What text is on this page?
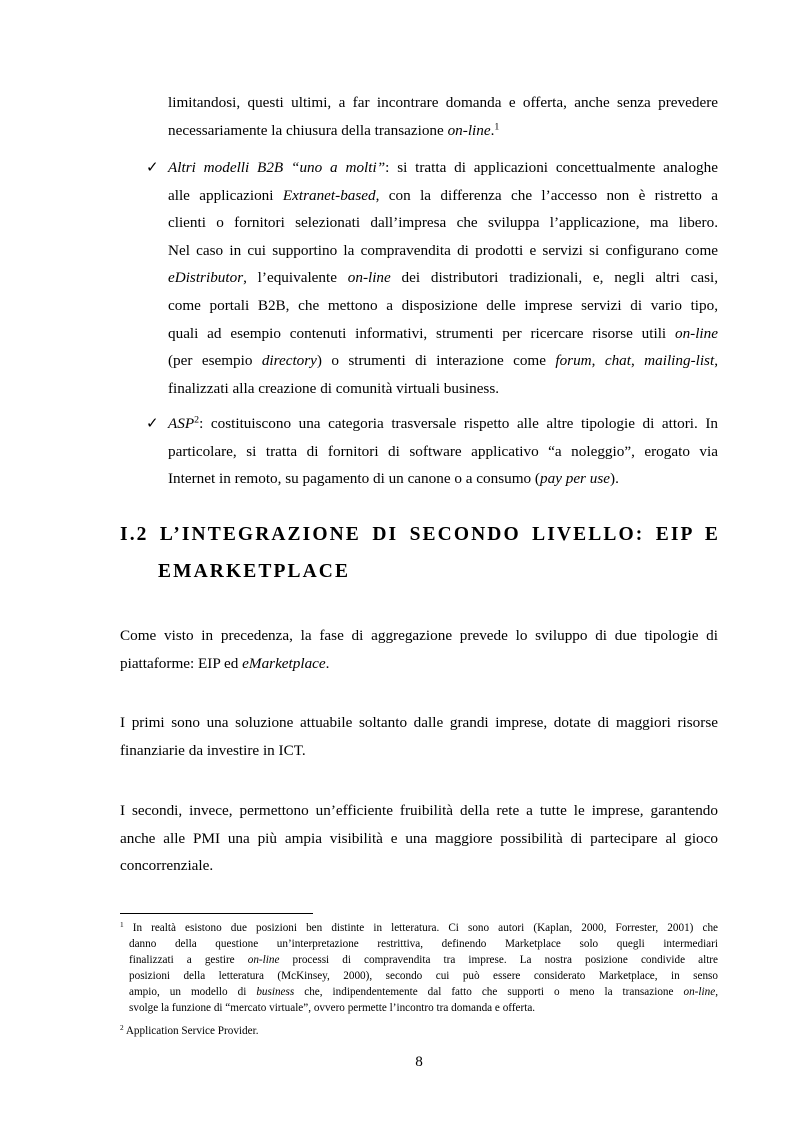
limitandosi, questi ultimi, a far incontrare domanda e offerta, anche senza prevedere
necessariamente la chiusura della transazione on-line.$^1$
✓ Altri modelli B2B “uno a molti”: si tratta di applicazioni concettualmente analoghe
alle applicazioni Extranet-based, con la differenza che l’accesso non è ristretto a
clienti o fornitori selezionati dall’impresa che sviluppa l’applicazione, ma libero.
Nel caso in cui supportino la compravendita di prodotti e servizi si configurano come
eDistributor, l’equivalente on-line dei distributori tradizionali, e, negli altri casi,
come portali B2B, che mettono a disposizione delle imprese servizi di vario tipo,
quali ad esempio contenuti informativi, strumenti per ricercare risorse utili on-line
(per esempio directory) o strumenti di interazione come forum, chat, mailing-list,
finalizzati alla creazione di comunità virtuali business.
✓ ASP$^2$: costituiscono una categoria trasversale rispetto alle altre tipologie di attori. In
particolare, si tratta di fornitori di software applicativo “a noleggio”, erogato via
Internet in remoto, su pagamento di un canone o a consumo (pay per use).
I.2 L’INTEGRAZIONE DI SECONDO LIVELLO: EIP E
EMARKETPLACE
Come visto in precedenza, la fase di aggregazione prevede lo sviluppo di due tipologie di
piattaforme: EIP ed eMarketplace.
I primi sono una soluzione attuabile soltanto dalle grandi imprese, dotate di maggiori risorse
finanziarie da investire in ICT.
I secondi, invece, permettono un’efficiente fruibilità della rete a tutte le imprese, garantendo
anche alle PMI una più ampia visibilità e una maggiore possibilità di partecipare al gioco
concorrenziale.
$^1$ In realtà esistono due posizioni ben distinte in letteratura. Ci sono autori (Kaplan, 2000, Forrester, 2001) che
danno della questione un’interpretazione restrittiva, definendo Marketplace solo quegli intermediari
finalizzati a gestire on-line processi di compravendita tra imprese. La nostra posizione condivide altre
posizioni della letteratura (McKinsey, 2000), secondo cui può essere considerato Marketplace, in senso
ampio, un modello di business che, indipendentemente dal fatto che supporti o meno la transazione on-line,
svolge la funzione di “mercato virtuale”, ovvero permette l’incontro tra domanda e offerta.
$^2$ Application Service Provider.
8
